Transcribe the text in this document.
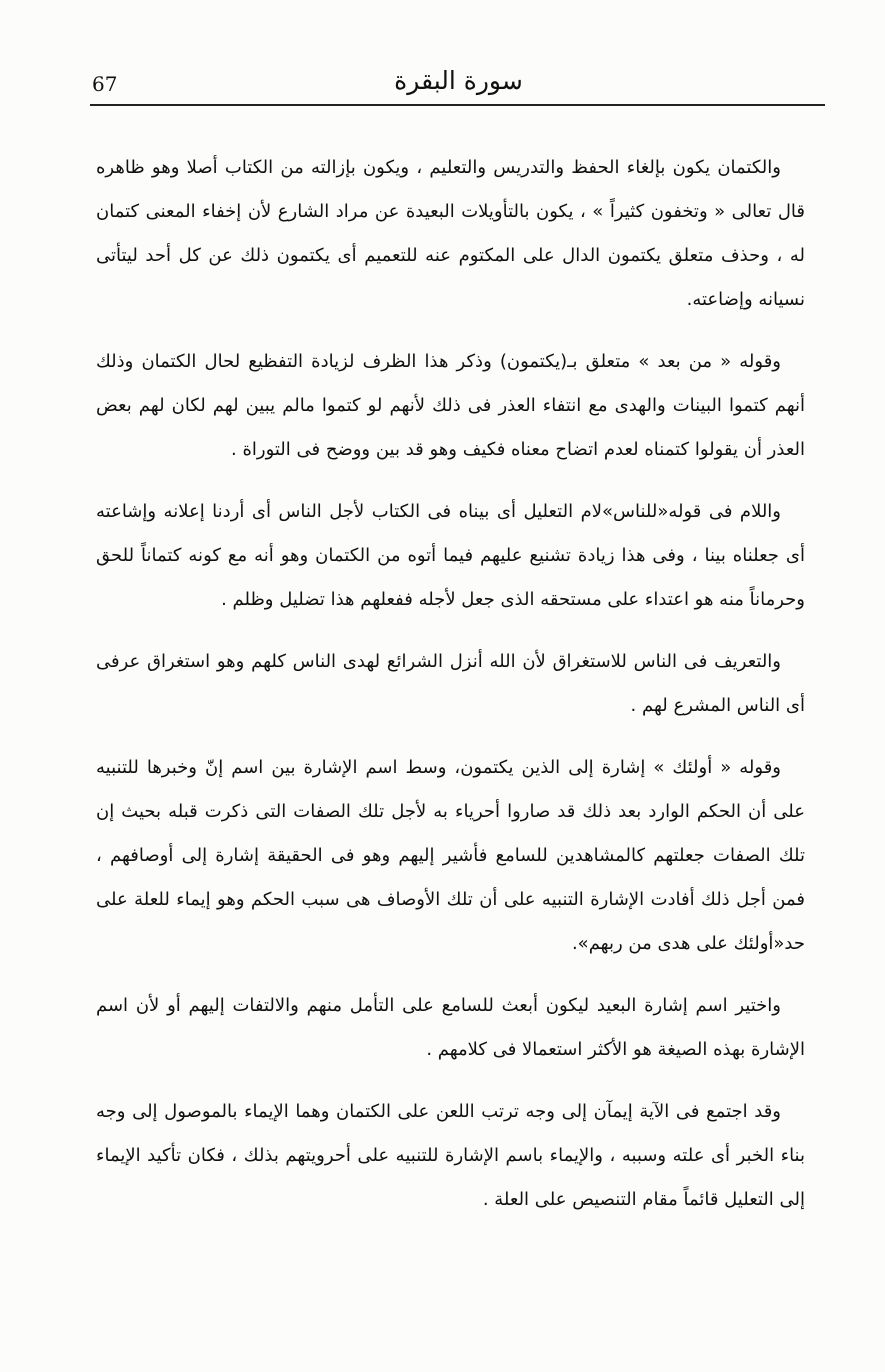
67	سورة البقرة

والكتمان يكون بإلغاء الحفظ والتدريس والتعليم ، ويكون بإزالته من الكتاب أصلا وهو ظاهره قال تعالى « وتخفون كثيراً » ، يكون بالتأويلات البعيدة عن مراد الشارع لأن إخفاء المعنى كتمان له ، وحذف متعلق يكتمون الدال على المكتوم عنه للتعميم أى يكتمون ذلك عن كل أحد ليتأتى نسيانه وإضاعته.

وقوله « من بعد » متعلق بـ(يكتمون) وذكر هذا الظرف لزيادة التفظيع لحال الكتمان وذلك أنهم كتموا البينات والهدى مع انتفاء العذر فى ذلك لأنهم لو كتموا مالم يبين لهم لكان لهم بعض العذر أن يقولوا كتمناه لعدم اتضاح معناه فكيف وهو قد بين ووضح فى التوراة .

واللام فى قوله«للناس»لام التعليل أى بيناه فى الكتاب لأجل الناس أى أردنا إعلانه وإشاعته أى جعلناه بينا ، وفى هذا زيادة تشنيع عليهم فيما أتوه من الكتمان وهو أنه مع كونه كتماناً للحق وحرماناً منه هو اعتداء على مستحقه الذى جعل لأجله ففعلهم هذا تضليل وظلم .

والتعريف فى الناس للاستغراق لأن الله أنزل الشرائع لهدى الناس كلهم وهو استغراق عرفى أى الناس المشرع لهم .

وقوله « أولئك » إشارة إلى الذين يكتمون، وسط اسم الإشارة بين اسم إنّ وخبرها للتنبيه على أن الحكم الوارد بعد ذلك قد صاروا أحرياء به لأجل تلك الصفات التى ذكرت قبله بحيث إن تلك الصفات جعلتهم كالمشاهدين للسامع فأشير إليهم وهو فى الحقيقة إشارة إلى أوصافهم ، فمن أجل ذلك أفادت الإشارة التنبيه على أن تلك الأوصاف هى سبب الحكم وهو إيماء للعلة على حد«أولئك على هدى من ربهم».

واختير اسم إشارة البعيد ليكون أبعث للسامع على التأمل منهم والالتفات إليهم أو لأن اسم الإشارة بهذه الصيغة هو الأكثر استعمالا فى كلامهم .

وقد اجتمع فى الآية إيمآن إلى وجه ترتب اللعن على الكتمان وهما الإيماء بالموصول إلى وجه بناء الخبر أى علته وسببه ، والإيماء باسم الإشارة للتنبيه على أحرويتهم بذلك ، فكان تأكيد الإيماء إلى التعليل قائماً مقام التنصيص على العلة .
